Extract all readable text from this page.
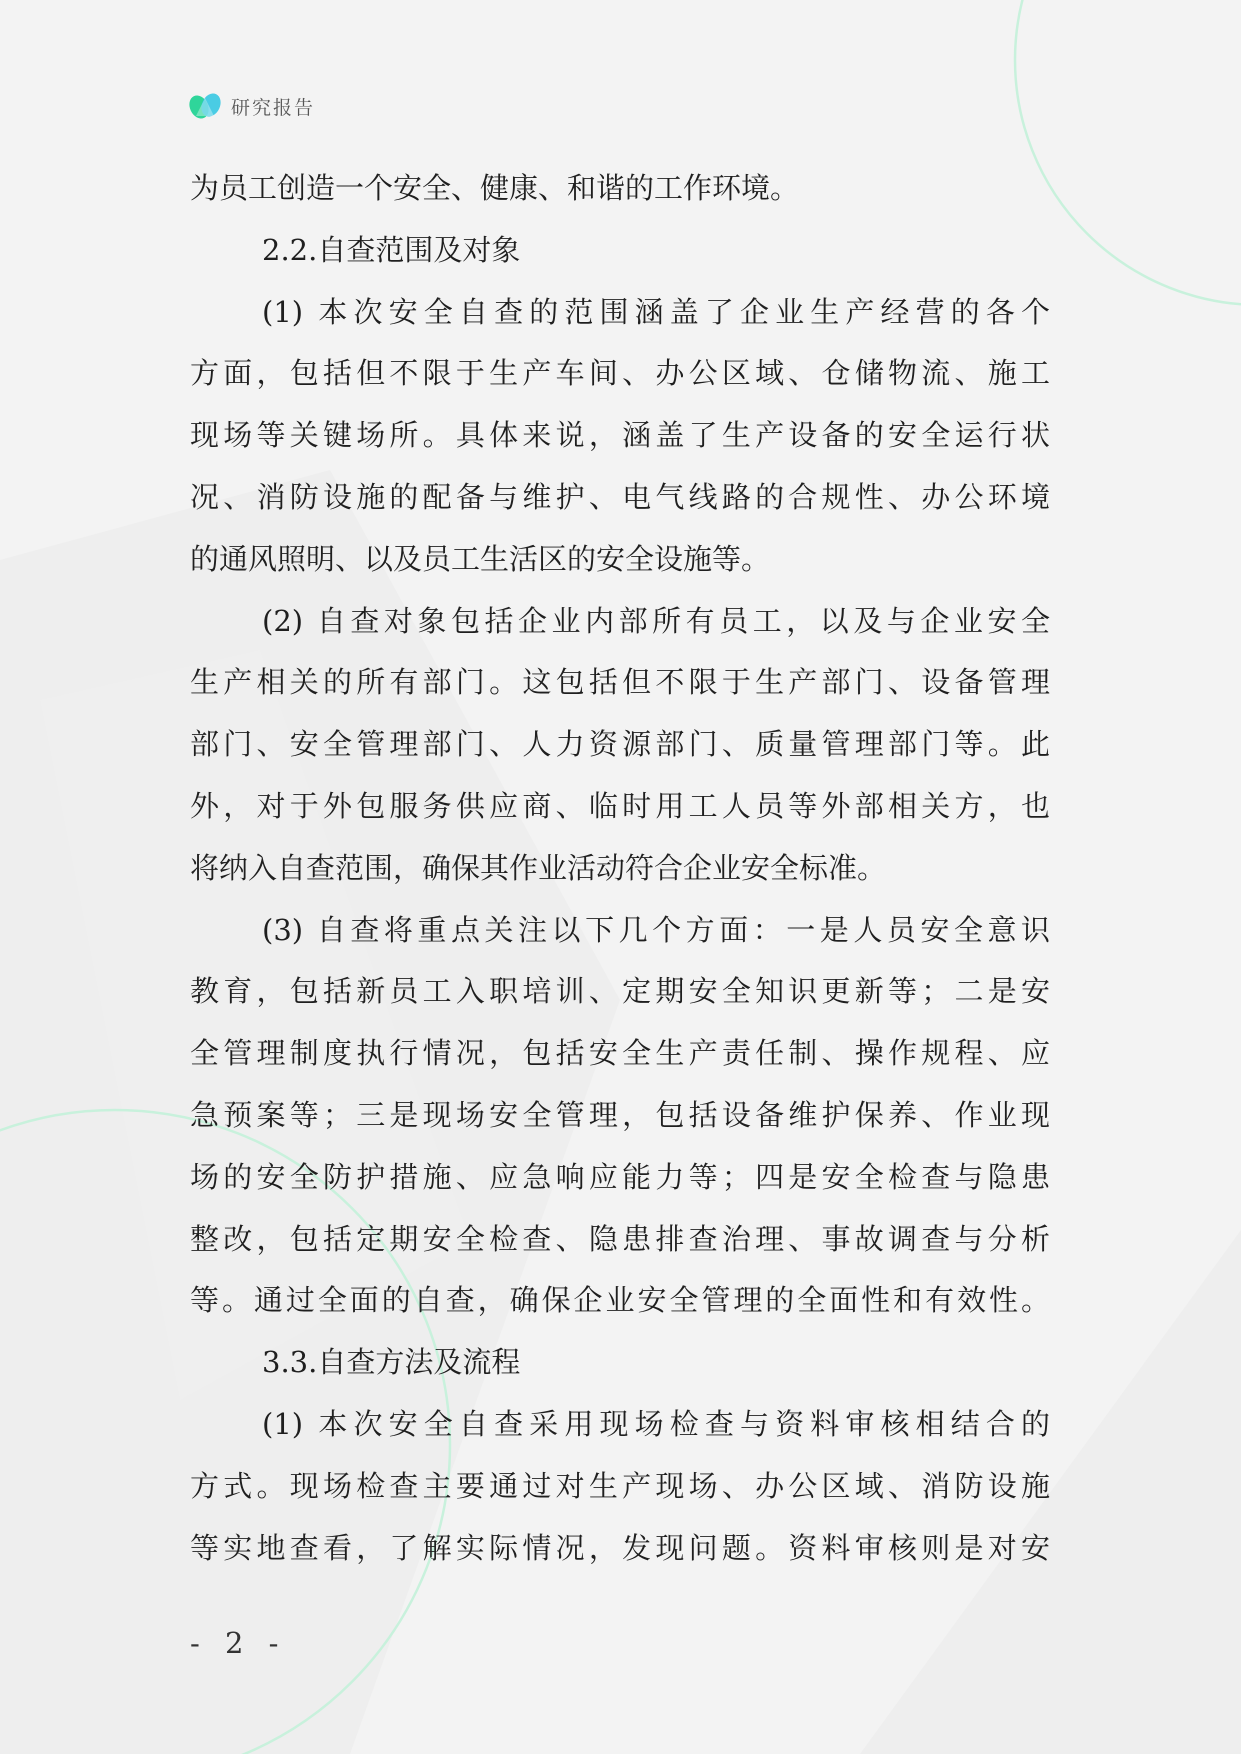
研究报告
为员工创造一个安全、健康、和谐的工作环境。
2.2.自查范围及对象
(1) 本次安全自查的范围涵盖了企业生产经营的各个
方面，包括但不限于生产车间、办公区域、仓储物流、施工
现场等关键场所。具体来说，涵盖了生产设备的安全运行状
况、消防设施的配备与维护、电气线路的合规性、办公环境
的通风照明、以及员工生活区的安全设施等。
(2) 自查对象包括企业内部所有员工，以及与企业安全
生产相关的所有部门。这包括但不限于生产部门、设备管理
部门、安全管理部门、人力资源部门、质量管理部门等。此
外，对于外包服务供应商、临时用工人员等外部相关方，也
将纳入自查范围，确保其作业活动符合企业安全标准。
(3) 自查将重点关注以下几个方面：一是人员安全意识
教育，包括新员工入职培训、定期安全知识更新等；二是安
全管理制度执行情况，包括安全生产责任制、操作规程、应
急预案等；三是现场安全管理，包括设备维护保养、作业现
场的安全防护措施、应急响应能力等；四是安全检查与隐患
整改，包括定期安全检查、隐患排查治理、事故调查与分析
等。通过全面的自查，确保企业安全管理的全面性和有效性。
3.3.自查方法及流程
(1) 本次安全自查采用现场检查与资料审核相结合的
方式。现场检查主要通过对生产现场、办公区域、消防设施
等实地查看，了解实际情况，发现问题。资料审核则是对安
- 2 -
